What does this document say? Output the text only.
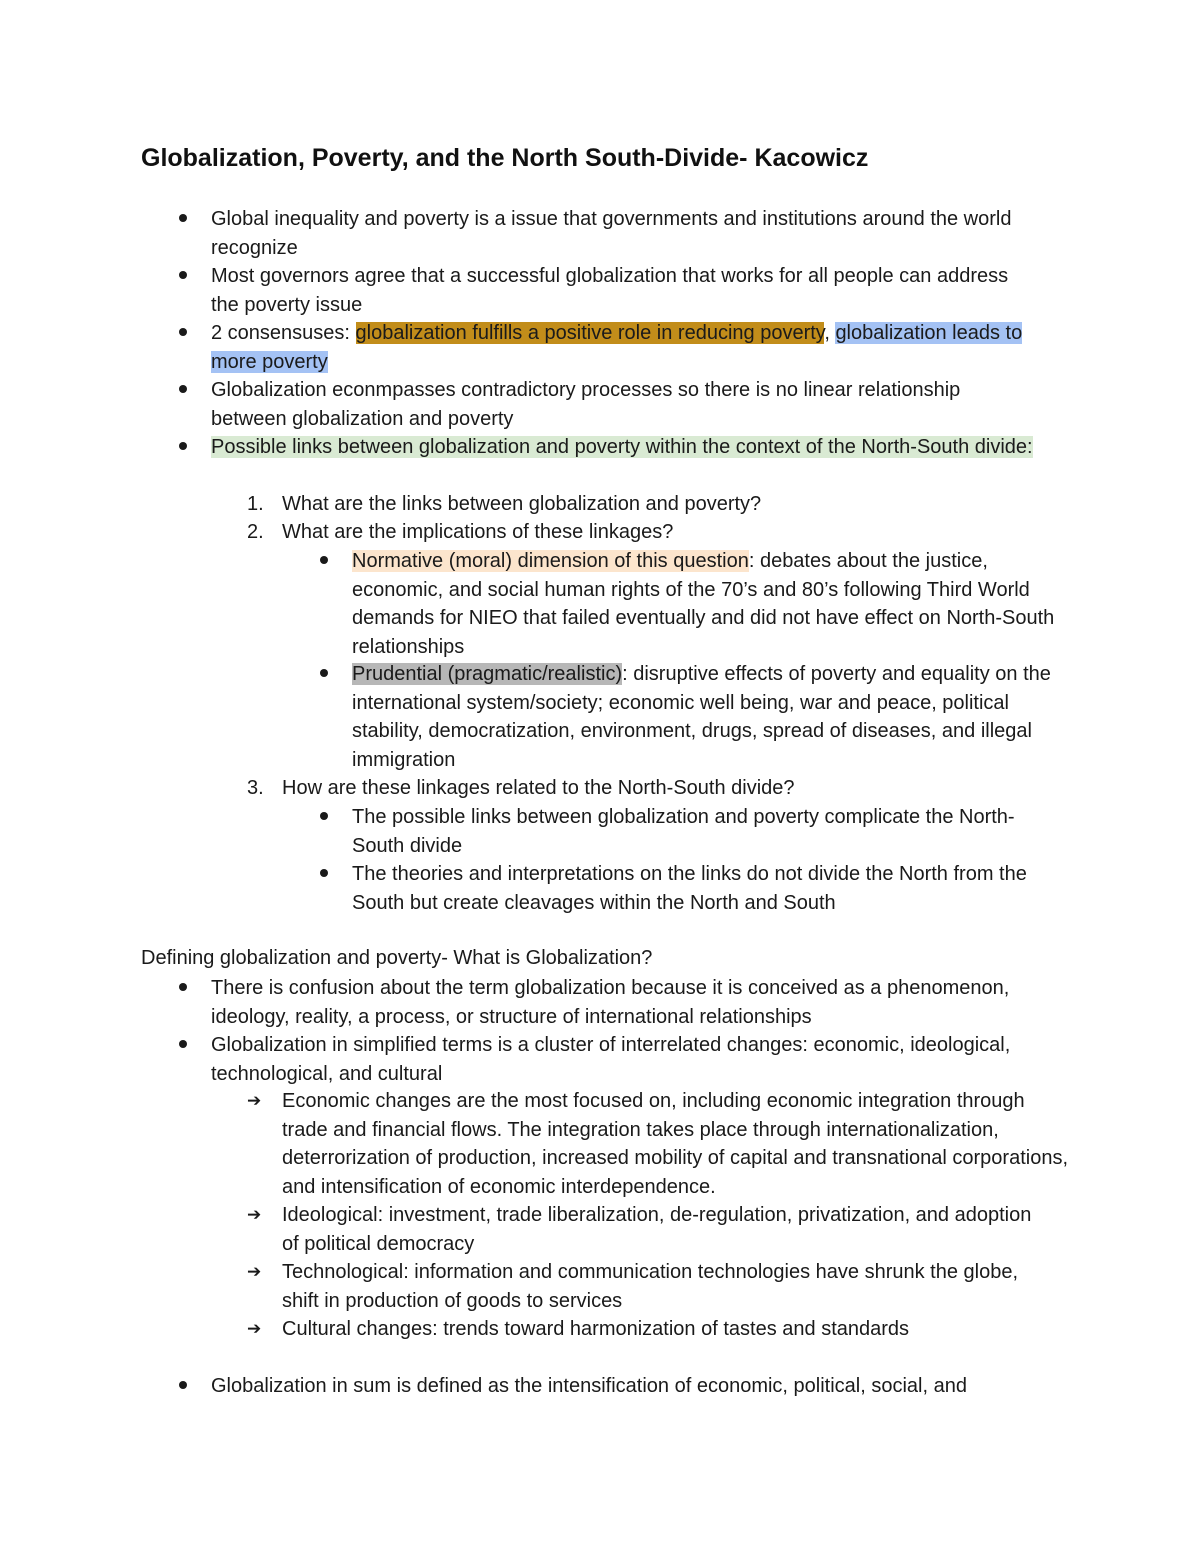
Globalization, Poverty, and the North South-Divide- Kacowicz

Global inequality and poverty is a issue that governments and institutions around the world recognize

Most governors agree that a successful globalization that works for all people can address the poverty issue

2 consensuses: globalization fulfills a positive role in reducing poverty, globalization leads to more poverty

Globalization econmpasses contradictory processes so there is no linear relationship between globalization and poverty

Possible links between globalization and poverty within the context of the North-South divide:

1. What are the links between globalization and poverty?

2. What are the implications of these linkages?

Normative (moral) dimension of this question: debates about the justice, economic, and social human rights of the 70’s and 80’s following Third World demands for NIEO that failed eventually and did not have effect on North-South relationships

Prudential (pragmatic/realistic): disruptive effects of poverty and equality on the international system/society; economic well being, war and peace, political stability, democratization, environment, drugs, spread of diseases, and illegal immigration

3. How are these linkages related to the North-South divide?

The possible links between globalization and poverty complicate the North-South divide

The theories and interpretations on the links do not divide the North from the South but create cleavages within the North and South

Defining globalization and poverty- What is Globalization?

There is confusion about the term globalization because it is conceived as a phenomenon, ideology, reality, a process, or structure of international relationships

Globalization in simplified terms is a cluster of interrelated changes: economic, ideological, technological, and cultural

➔ Economic changes are the most focused on, including economic integration through trade and financial flows. The integration takes place through internationalization, deterrorization of production, increased mobility of capital and transnational corporations, and intensification of economic interdependence.

➔ Ideological: investment, trade liberalization, de-regulation, privatization, and adoption of political democracy

➔ Technological: information and communication technologies have shrunk the globe, shift in production of goods to services

➔ Cultural changes: trends toward harmonization of tastes and standards

Globalization in sum is defined as the intensification of economic, political, social, and
